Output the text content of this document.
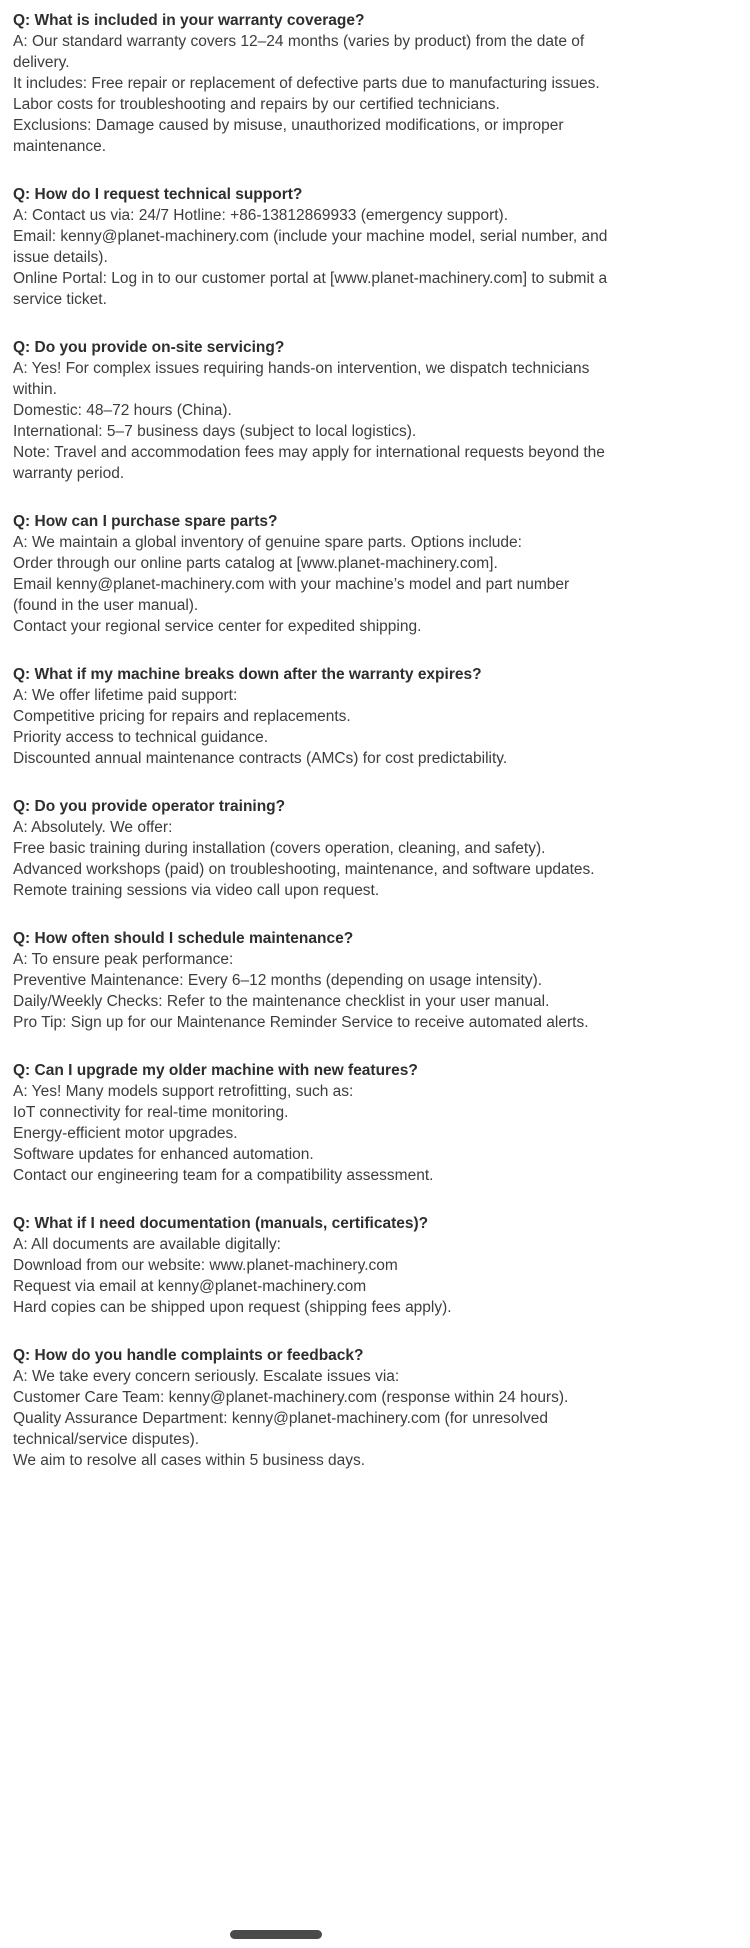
Q: What is included in your warranty coverage?
A: Our standard warranty covers 12–24 months (varies by product) from the date of delivery.
It includes: Free repair or replacement of defective parts due to manufacturing issues.
Labor costs for troubleshooting and repairs by our certified technicians.
Exclusions: Damage caused by misuse, unauthorized modifications, or improper maintenance.
Q: How do I request technical support?
A: Contact us via: 24/7 Hotline: +86-13812869933 (emergency support).
Email: kenny@planet-machinery.com (include your machine model, serial number, and issue details).
Online Portal: Log in to our customer portal at [www.planet-machinery.com] to submit a service ticket.
Q: Do you provide on-site servicing?
A: Yes! For complex issues requiring hands-on intervention, we dispatch technicians within.
Domestic: 48–72 hours (China).
International: 5–7 business days (subject to local logistics).
Note: Travel and accommodation fees may apply for international requests beyond the warranty period.
Q: How can I purchase spare parts?
A: We maintain a global inventory of genuine spare parts. Options include:
Order through our online parts catalog at [www.planet-machinery.com].
Email kenny@planet-machinery.com with your machine’s model and part number (found in the user manual).
Contact your regional service center for expedited shipping.
Q: What if my machine breaks down after the warranty expires?
A: We offer lifetime paid support:
Competitive pricing for repairs and replacements.
Priority access to technical guidance.
Discounted annual maintenance contracts (AMCs) for cost predictability.
Q: Do you provide operator training?
A: Absolutely. We offer:
Free basic training during installation (covers operation, cleaning, and safety).
Advanced workshops (paid) on troubleshooting, maintenance, and software updates.
Remote training sessions via video call upon request.
Q: How often should I schedule maintenance?
A: To ensure peak performance:
Preventive Maintenance: Every 6–12 months (depending on usage intensity).
Daily/Weekly Checks: Refer to the maintenance checklist in your user manual.
Pro Tip: Sign up for our Maintenance Reminder Service to receive automated alerts.
Q: Can I upgrade my older machine with new features?
A: Yes! Many models support retrofitting, such as:
IoT connectivity for real-time monitoring.
Energy-efficient motor upgrades.
Software updates for enhanced automation.
Contact our engineering team for a compatibility assessment.
Q: What if I need documentation (manuals, certificates)?
A: All documents are available digitally:
Download from our website: www.planet-machinery.com
Request via email at kenny@planet-machinery.com
Hard copies can be shipped upon request (shipping fees apply).
Q: How do you handle complaints or feedback?
A: We take every concern seriously. Escalate issues via:
Customer Care Team: kenny@planet-machinery.com (response within 24 hours).
Quality Assurance Department: kenny@planet-machinery.com (for unresolved technical/service disputes).
We aim to resolve all cases within 5 business days.
